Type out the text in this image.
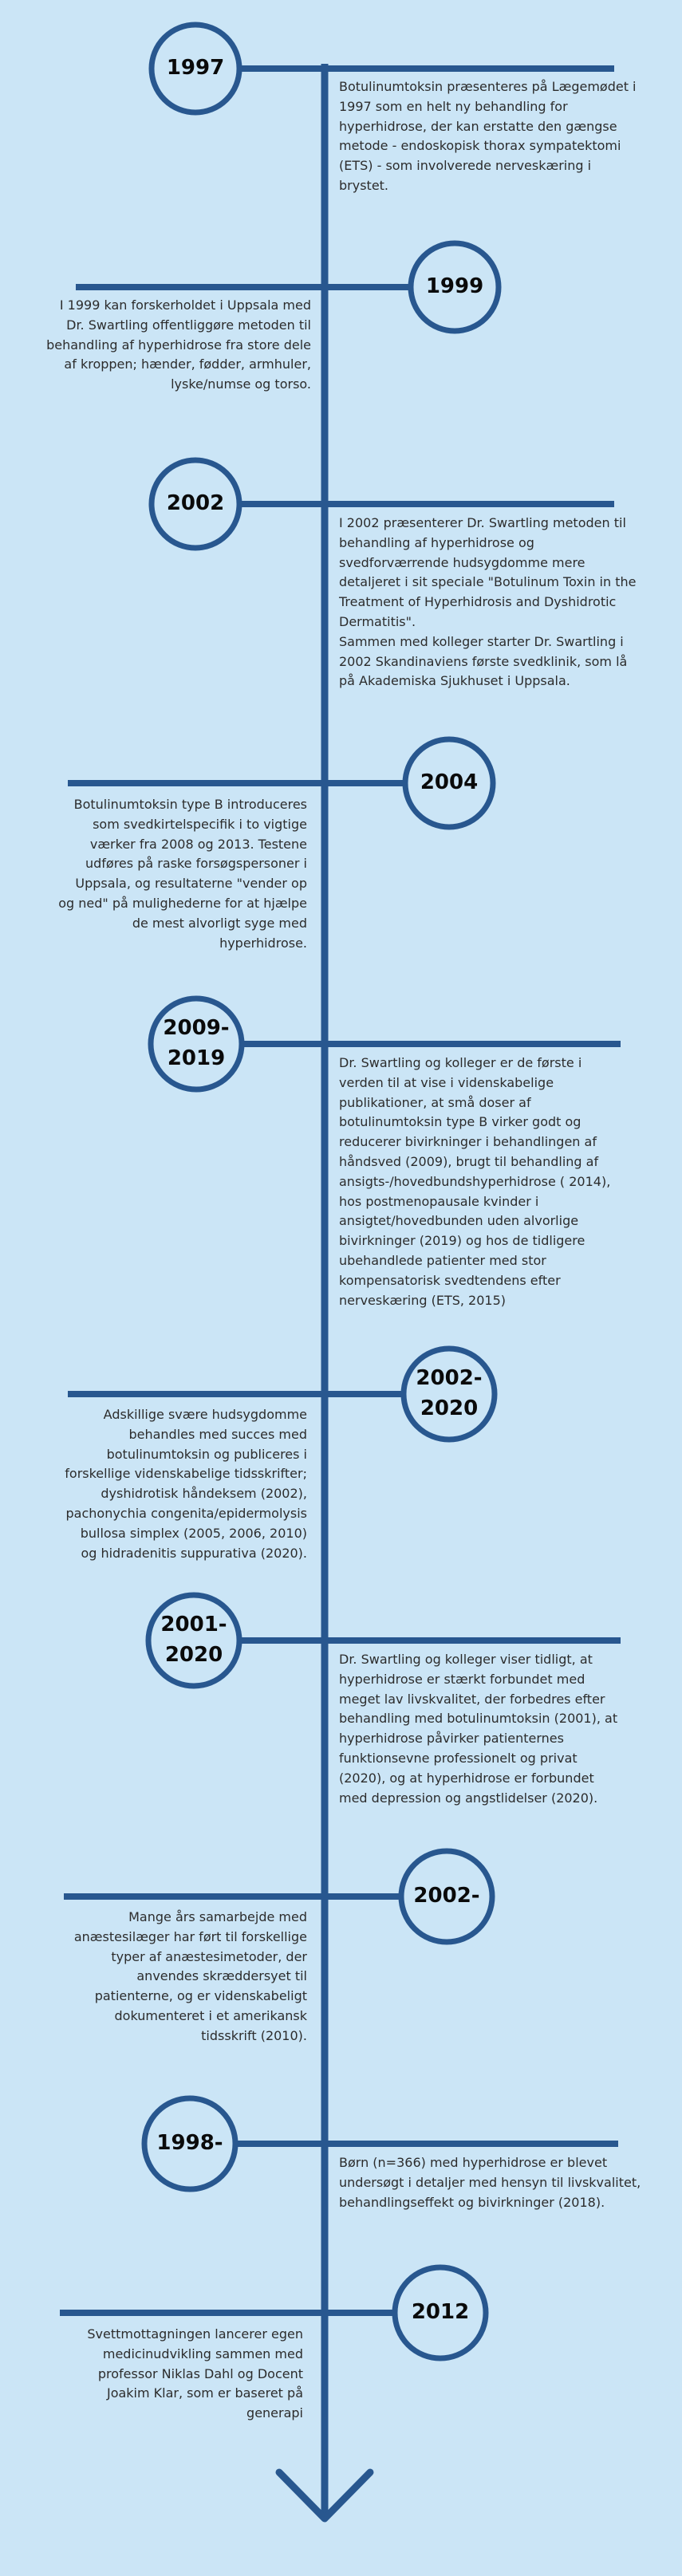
1997
1999
2002
2004
2009-
2019
2002-
2020
2001-
2020
2002-
1998-
2012

Botulinumtoksin præsenteres på Lægemødet i 1997 som en helt ny behandling for hyperhidrose, der kan erstatte den gængse metode - endoskopisk thorax sympatektomi (ETS) - som involverede nerveskæring i brystet.

I 1999 kan forskerholdet i Uppsala med Dr. Swartling offentliggøre metoden til behandling af hyperhidrose fra store dele af kroppen; hænder, fødder, armhuler, lyske/numse og torso.

I 2002 præsenterer Dr. Swartling metoden til behandling af hyperhidrose og svedforværrende hudsygdomme mere detaljeret i sit speciale "Botulinum Toxin in the Treatment of Hyperhidrosis and Dyshidrotic Dermatitis".
Sammen med kolleger starter Dr. Swartling i 2002 Skandinaviens første svedklinik, som lå på Akademiska Sjukhuset i Uppsala.

Botulinumtoksin type B introduceres som svedkirtelspecifik i to vigtige værker fra 2008 og 2013. Testene udføres på raske forsøgspersoner i Uppsala, og resultaterne "vender op og ned" på mulighederne for at hjælpe de mest alvorligt syge med hyperhidrose.

Dr. Swartling og kolleger er de første i verden til at vise i videnskabelige publikationer, at små doser af botulinumtoksin type B virker godt og reducerer bivirkninger i behandlingen af håndsved (2009), brugt til behandling af ansigts-/hovedbundshyperhidrose ( 2014), hos postmenopausale kvinder i ansigtet/hovedbunden uden alvorlige bivirkninger (2019) og hos de tidligere ubehandlede patienter med stor kompensatorisk svedtendens efter nerveskæring (ETS, 2015)

Adskillige svære hudsygdomme behandles med succes med botulinumtoksin og publiceres i forskellige videnskabelige tidsskrifter; dyshidrotisk håndeksem (2002), pachonychia congenita/epidermolysis bullosa simplex (2005, 2006, 2010) og hidradenitis suppurativa (2020).

Dr. Swartling og kolleger viser tidligt, at hyperhidrose er stærkt forbundet med meget lav livskvalitet, der forbedres efter behandling med botulinumtoksin (2001), at hyperhidrose påvirker patienternes funktionsevne professionelt og privat (2020), og at hyperhidrose er forbundet med depression og angstlidelser (2020).

Mange års samarbejde med anæstesilæger har ført til forskellige typer af anæstesimetoder, der anvendes skræddersyet til patienterne, og er videnskabeligt dokumenteret i et amerikansk tidsskrift (2010).

Børn (n=366) med hyperhidrose er blevet undersøgt i detaljer med hensyn til livskvalitet, behandlingseffekt og bivirkninger (2018).

Svettmottagningen lancerer egen medicinudvikling sammen med professor Niklas Dahl og Docent Joakim Klar, som er baseret på generapi
